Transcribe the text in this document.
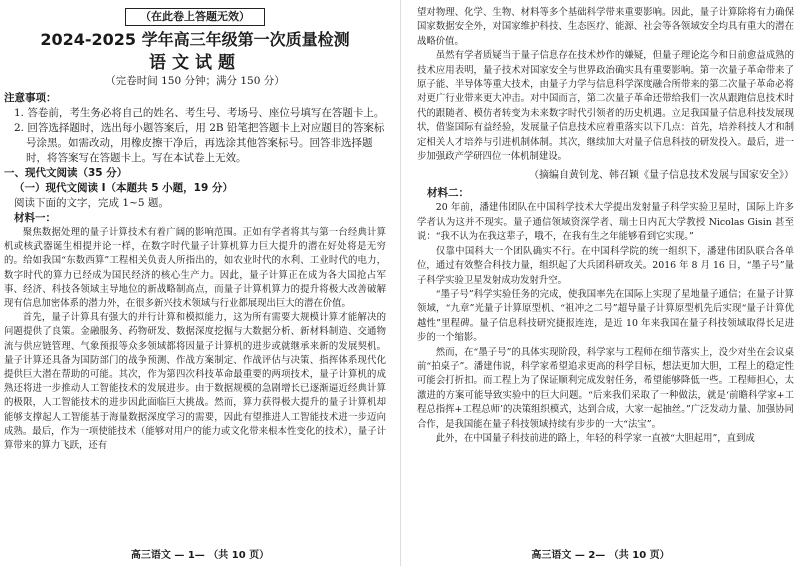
（在此卷上答题无效）
2024-2025 学年高三年级第一次质量检测
语文试题
（完卷时间 150 分钟；满分 150 分）
注意事项：
1. 答卷前，考生务必将自己的姓名、考生号、考场号、座位号填写在答题卡上。
2. 回答选择题时，选出每小题答案后，用 2B 铅笔把答题卡上对应题目的答案标
号涂黑。如需改动，用橡皮擦干净后，再选涂其他答案标号。回答非选择题
时，将答案写在答题卡上。写在本试卷上无效。
一、现代文阅读（35 分）
（一）现代文阅读 I（本题共 5 小题，19 分）
阅读下面的文字，完成 1~5 题。
材料一：

聚焦数据处理的量子计算技术有着广阔的影响范围。正如有学者将其与第一台经典计算机或核武器诞生相提并论一样，在数字时代量子计算机算力巨大提升的潜在好处将是无穷的。给如我国“东数西算”工程相关负责人所指出的，如农业时代的水利、工业时代的电力，数字时代的算力已经成为国民经济的核心生产力。因此，量子计算正在成为各大国抢占军事、经济、科技各领域主导地位的新战略制高点，而量子计算机算力的提升将极大改善破解现有信息加密体系的潜力外，在很多新兴技术领域与行业都展现出巨大的潜在价值。

首先，量子计算具有强大的并行计算和模拟能力，这为所有需要大规模计算才能解决的问题提供了良策。金融服务、药物研发、数据深度挖掘与大数据分析、新材料制造、交通物流与供应链管理、气象预报等众多领域都将因量子计算机的进步或就继承来新的发展契机。量子计算还具备为国防部门的战争预测、作战方案制定、作战评估与决策、指挥体系现代化提供巨大潜在帮助的可能。其次，作为第四次科技革命最重要的两项技术，量子计算机的成熟还将进一步推动人工智能技术的发展进步。由于数据规模的急剧增长已逐渐逼近经典计算的极限，人工智能技术的进步因此面临巨大挑战。然而，算力获得极大提升的量子计算机却能够支撑起人工智能基于海量数据深度学习的需要，因此有望推进人工智能技术进一步迈向成熟。最后，作为一项使能技术（能够对用户的能力或文化带来根本性变化的技术），量子计算带来的算力飞跃，还有

高三语文 — 1— （共 10 页）

望对物理、化学、生物、材料等多个基础科学带来重要影响。因此，量子计算除将有力确保国家数据安全外，对国家维护科技、生态医疗、能源、社会等各领域安全均具有重大的潜在战略价值。

虽然有学者质疑当于量子信息存在技术炒作的嫌疑，但量子理论迄今和日前愈益成熟的技术应用表明，量子技术对国家安全与世界政治确实具有重要影响。第一次量子革命带来了原子能、半导体等重大技术，由量子力学与信息科学深度融合所带来的第二次量子革命必将对更广行业带来更大冲击。对中国而言，第二次量子革命还带给我们一次从跟跑信息技术时代的跟随者、模仿者转变为未来数字时代引领者的历史机遇。立足我国量子信息科技发展现状，借鉴国际有益经验，发展量子信息技术应着重落实以下几点：首先，培养科技人才和制定相关人才培养与引进机制体制。其次，继续加大对量子信息科技的研发投入。最后，进一步加强政产学研四位一体机制建设。

（摘编自黄钊龙、韩召颖《量子信息技术发展与国家安全》）
材料二：

20 年前，潘建伟团队在中国科学技术大学提出发射量子科学实验卫星时，国际上许多学者认为这并不现实。量子通信领域资深学者、瑞士日内瓦大学教授 Nicolas Gisin 甚至说：“我不认为在我这辈子，哦不，在我有生之年能够看到它实现。”

仅靠中国科大一个团队确实不行。在中国科学院的统一组织下，潘建伟团队联合各单位，通过有效整合科技力量，组织起了大兵团科研攻关。2016 年 8 月 16 日，“墨子号”量子科学实验卫星发射成功发射升空。

“墨子号”科学实验任务的完成，使我国率先在国际上实现了星地量子通信；在量子计算领域，“九章”光量子计算原型机、“祖冲之二号”超导量子计算原型机先后实现“量子计算优越性”里程碑。量子信息科技研究捷报连连，是近 10 年来我国在量子科技领域取得长足进步的一个缩影。

然而，在“墨子号”的具体实现阶段，科学家与工程师在细节落实上，没少对坐在会议桌前“拍桌子”。潘建伟说，科学家希望追求更高的科学目标，想法更加大胆，工程上的稳定性可能会打折扣。而工程上为了保证顺利完成发射任务，希望能够降低一些。工程师担心，太激进的方案可能导致实验中的巨大问题。“后来我们采取了一种做法，就是‘前瞻科学家+工程总指挥+工程总师’的决策组织模式，达到合成，大家一起抽丝。”广泛发动力量、加强协同合作，是我国能在量子科技领域持续有步步的一大“法宝”。

此外，在中国量子科技前进的路上，年轻的科学家一直被“大胆起用”，直到成

高三语文 — 2— （共 10 页）
